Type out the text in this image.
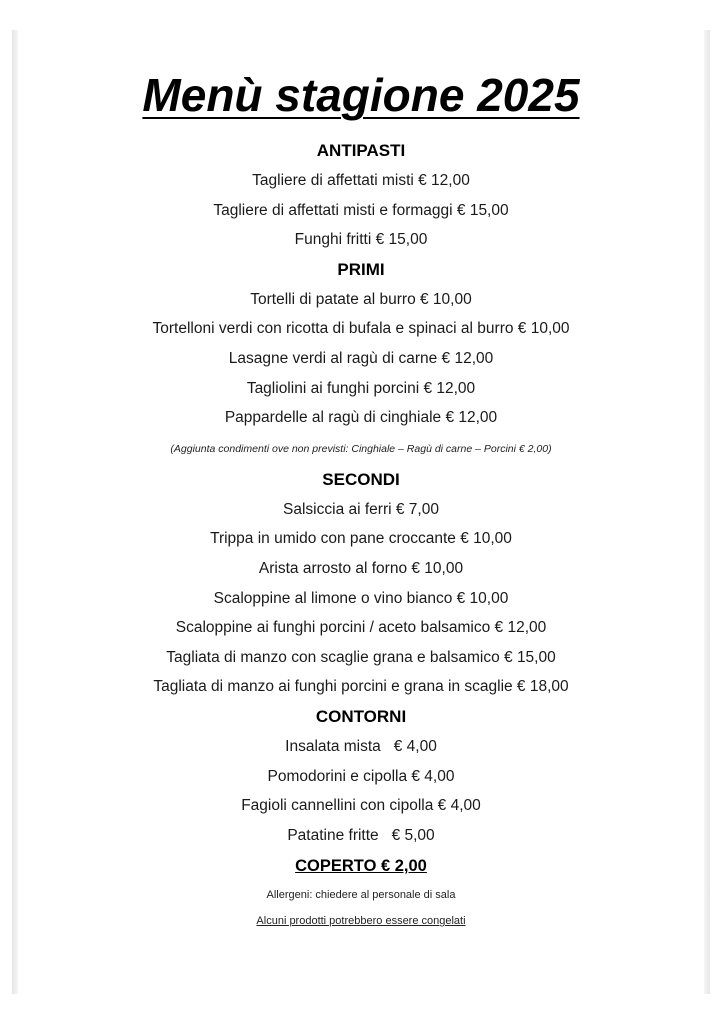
Menù stagione 2025
ANTIPASTI
Tagliere di affettati misti € 12,00
Tagliere di affettati misti e formaggi € 15,00
Funghi fritti € 15,00
PRIMI
Tortelli di patate al burro € 10,00
Tortelloni verdi con ricotta di bufala e spinaci al burro € 10,00
Lasagne verdi al ragù di carne € 12,00
Tagliolini ai funghi porcini € 12,00
Pappardelle al ragù di cinghiale € 12,00
(Aggiunta condimenti ove non previsti: Cinghiale – Ragù di carne – Porcini € 2,00)
SECONDI
Salsiccia ai ferri € 7,00
Trippa in umido con pane croccante € 10,00
Arista arrosto al forno € 10,00
Scaloppine al limone o vino bianco € 10,00
Scaloppine ai funghi porcini / aceto balsamico € 12,00
Tagliata di manzo con scaglie grana e balsamico € 15,00
Tagliata di manzo ai funghi porcini e grana in scaglie € 18,00
CONTORNI
Insalata mista   € 4,00
Pomodorini e cipolla € 4,00
Fagioli cannellini con cipolla € 4,00
Patatine fritte   € 5,00
COPERTO € 2,00
Allergeni: chiedere al personale di sala
Alcuni prodotti potrebbero essere congelati
